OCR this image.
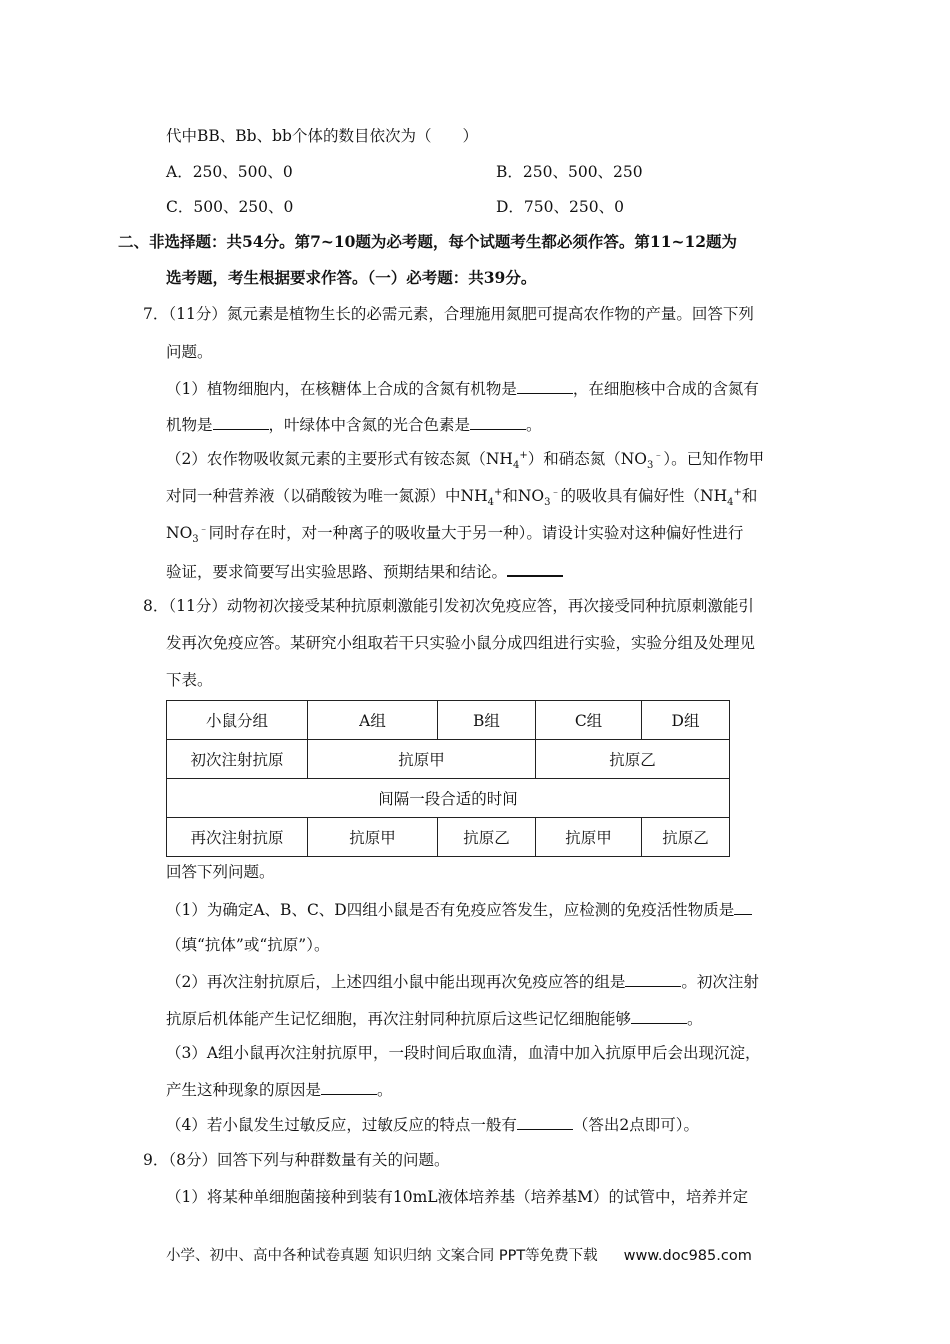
代中BB、Bb、bb个体的数目依次为（　　）
A．250、500、0	B．250、500、250
C．500、250、0	D．750、250、0
二、非选择题：共54分。第7~10题为必考题，每个试题考生都必须作答。第11~12题为
选考题，考生根据要求作答。（一）必考题：共39分。
7．（11分）氮元素是植物生长的必需元素，合理施用氮肥可提高农作物的产量。回答下列
问题。
（1）植物细胞内，在核糖体上合成的含氮有机物是	，在细胞核中合成的含氮有
机物是	，叶绿体中含氮的光合色素是	。
（2）农作物吸收氮元素的主要形式有铵态氮$(NH_4^+)$和硝态氮$(NO_3^﹣)$。已知作物甲
对同一种营养液（以硝酸铵为唯一氮源）中$NH_4^+$和$NO_3^﹣$的吸收具有偏好性（$NH_4^+$和
$NO_3^﹣$同时存在时，对一种离子的吸收量大于另一种）。请设计实验对这种偏好性进行
验证，要求简要写出实验思路、预期结果和结论。
8．（11分）动物初次接受某种抗原刺激能引发初次免疫应答，再次接受同种抗原刺激能引
发再次免疫应答。某研究小组取若干只实验小鼠分成四组进行实验，实验分组及处理见
下表。
小鼠分组	A组	B组	C组	D组
初次注射抗原	抗原甲		抗原乙	
间隔一段合适的时间				
再次注射抗原	抗原甲	抗原乙	抗原甲	抗原乙
回答下列问题。
（1）为确定A、B、C、D四组小鼠是否有免疫应答发生，应检测的免疫活性物质是
（填“抗体”或“抗原”）。
（2）再次注射抗原后，上述四组小鼠中能出现再次免疫应答的组是	。初次注射
抗原后机体能产生记忆细胞，再次注射同种抗原后这些记忆细胞能够	。
（3）A组小鼠再次注射抗原甲，一段时间后取血清，血清中加入抗原甲后会出现沉淀，
产生这种现象的原因是	。
（4）若小鼠发生过敏反应，过敏反应的特点一般有	（答出2点即可）。
9．（8分）回答下列与种群数量有关的问题。
（1）将某种单细胞菌接种到装有10mL液体培养基（培养基M）的试管中，培养并定
小学、初中、高中各种试卷真题 知识归纳 文案合同 PPT等免费下载 www.doc985.com
